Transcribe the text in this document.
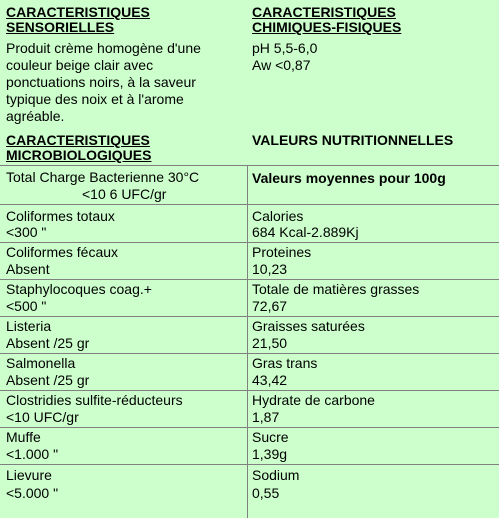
CARACTERISTIQUES
SENSORIELLES
CARACTERISTIQUES
CHIMIQUES-FISIQUES
Produit crème homogène d'une
couleur beige clair avec
ponctuations noirs, à la saveur
typique des noix et à l'arome
agréable.
pH 5,5-6,0
Aw <0,87
CARACTERISTIQUES
MICROBIOLOGIQUES
VALEURS NUTRITIONNELLES
Total Charge Bacterienne 30°C
<10 6 UFC/gr
Valeurs moyennes pour 100g
Coliformes totaux
<300 "
Calories
684 Kcal-2.889Kj
Coliformes fécaux
Absent
Proteines
10,23
Staphylocoques coag.+
<500 "
Totale de matières grasses
72,67
Listeria
Absent /25 gr
Graisses saturées
21,50
Salmonella
Absent /25 gr
Gras trans
43,42
Clostridies sulfite-réducteurs
<10 UFC/gr
Hydrate de carbone
1,87
Muffe
<1.000 "
Sucre
1,39g
Lievure
<5.000 "
Sodium
0,55
